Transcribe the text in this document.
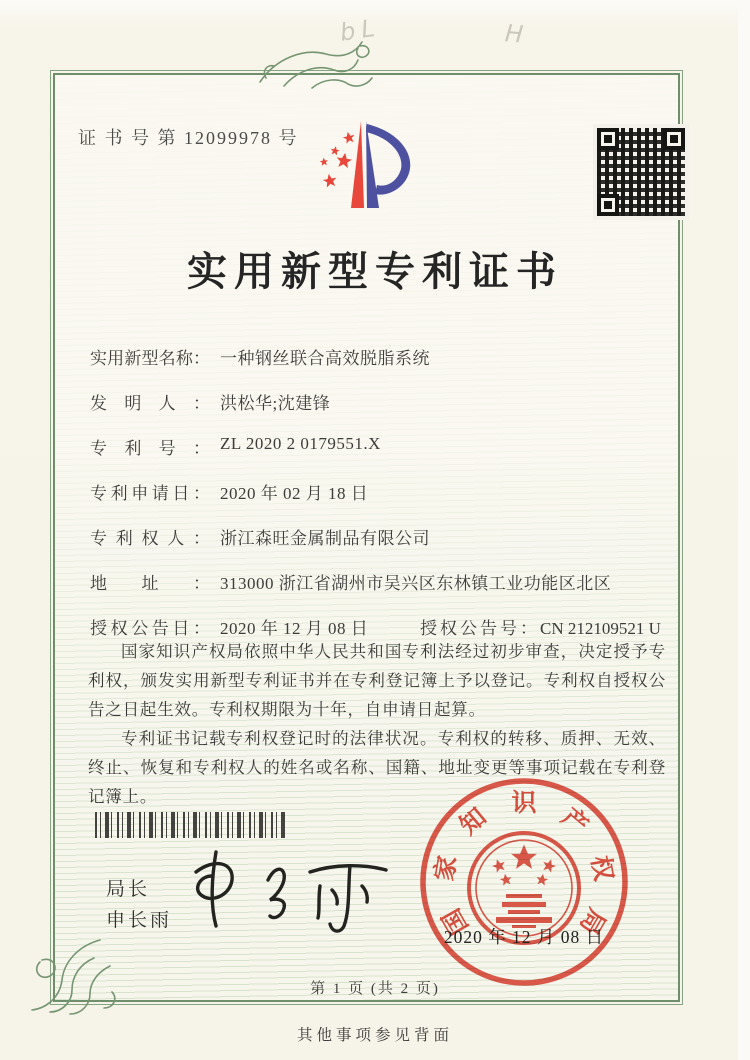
bL	H
证 书 号 第 12099978 号
实用新型专利证书
实用新型名称： 一种钢丝联合高效脱脂系统
发明人： 洪松华;沈建锋
专利号： ZL 2020 2 0179551.X
专利申请日： 2020 年 02 月 18 日
专利权人： 浙江森旺金属制品有限公司
地址： 313000 浙江省湖州市吴兴区东林镇工业功能区北区
授权公告日： 2020 年 12 月 08 日	授权公告号：CN 212109521 U

国家知识产权局依照中华人民共和国专利法经过初步审查，决定授予专利权，颁发实用新型专利证书并在专利登记簿上予以登记。专利权自授权公告之日起生效。专利权期限为十年，自申请日起算。

专利证书记载专利权登记时的法律状况。专利权的转移、质押、无效、终止、恢复和专利权人的姓名或名称、国籍、地址变更等事项记载在专利登记簿上。

局长
申长雨	国
家
知 识 产
权
局
2020 年 12 月 08 日
第 1 页 (共 2 页)
其他事项参见背面
